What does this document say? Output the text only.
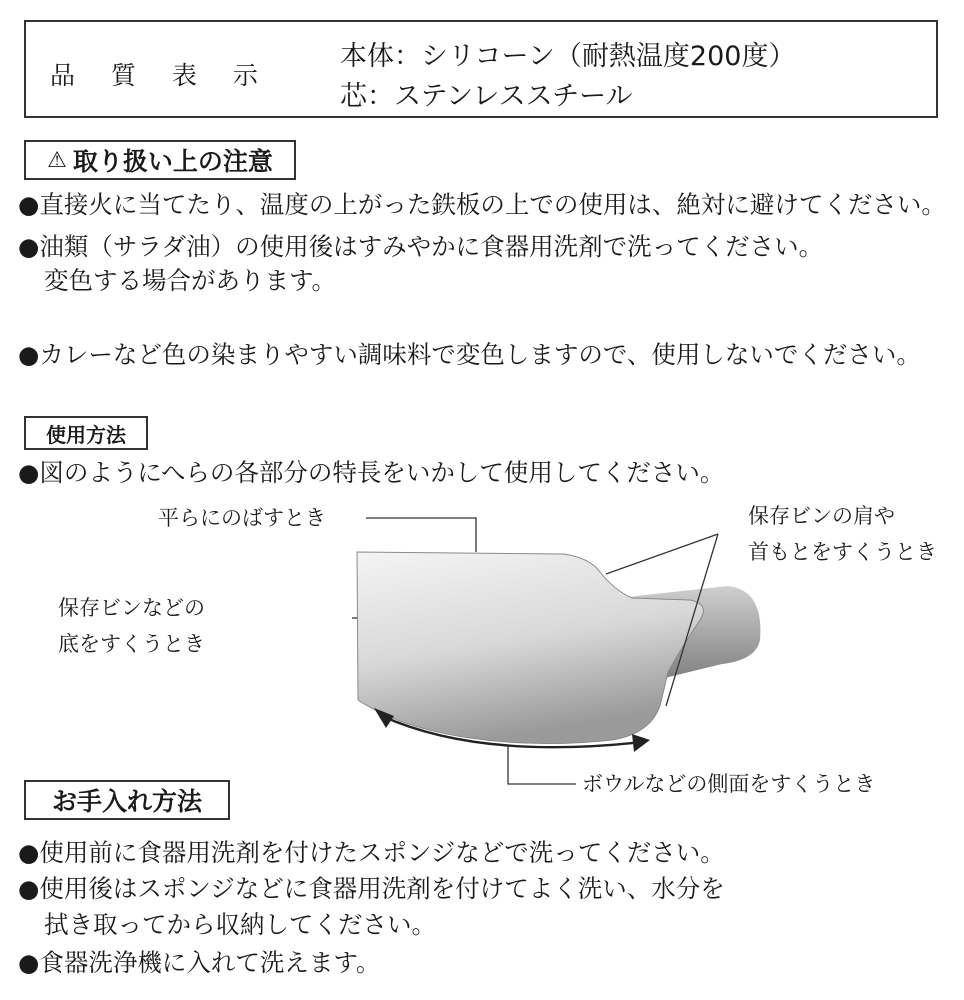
品 質 表 示
本体：シリコーン（耐熱温度200度）
芯：ステンレススチール
⚠ 取り扱い上の注意
●直接火に当てたり、温度の上がった鉄板の上での使用は、絶対に避けてください。
●油類（サラダ油）の使用後はすみやかに食器用洗剤で洗ってください。
変色する場合があります。
●カレーなど色の染まりやすい調味料で変色しますので、使用しないでください。
使用方法
●図のようにへらの各部分の特長をいかして使用してください。
平らにのばすとき
保存ビンなどの
底をすくうとき
保存ビンの肩や
首もとをすくうとき
ボウルなどの側面をすくうとき
お手入れ方法
●使用前に食器用洗剤を付けたスポンジなどで洗ってください。
●使用後はスポンジなどに食器用洗剤を付けてよく洗い、水分を
拭き取ってから収納してください。
●食器洗浄機に入れて洗えます。
